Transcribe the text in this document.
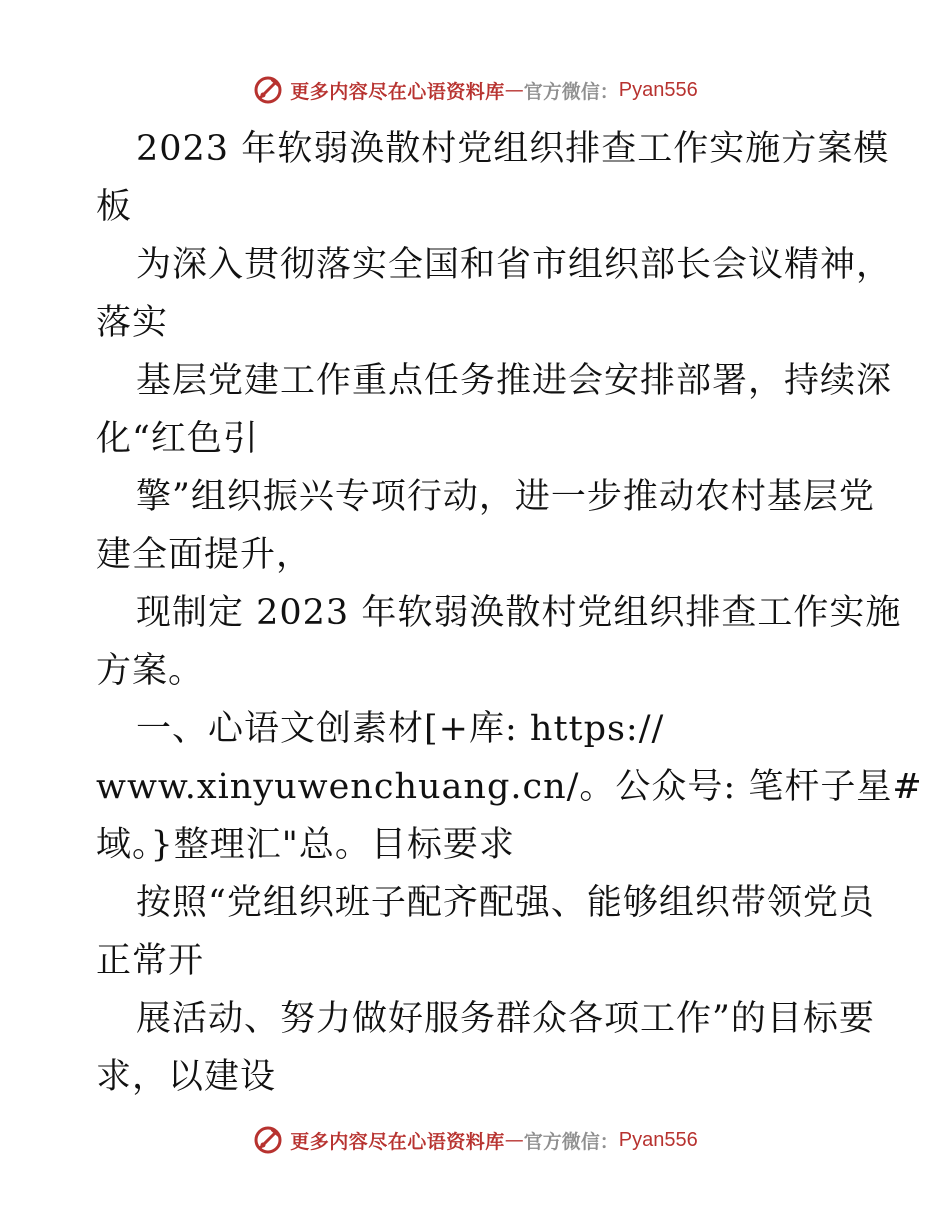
更多内容尽在心语资料库 — 官方微信： Pyan556
2023 年软弱涣散村党组织排查工作实施方案模
板
为深入贯彻落实全国和省市组织部长会议精神，
落实
基层党建工作重点任务推进会安排部署，持续深
化“红色引
擎”组织振兴专项行动，进一步推动农村基层党
建全面提升，
现制定 2023 年软弱涣散村党组织排查工作实施
方案。
一、心语文创素材[+库: https://
www.xinyuwenchuang.cn/。公众号: 笔杆子星#
域。}整理汇"总。目标要求
按照“党组织班子配齐配强、能够组织带领党员
正常开
展活动、努力做好服务群众各项工作”的目标要
求，以建设
更多内容尽在心语资料库 — 官方微信： Pyan556
